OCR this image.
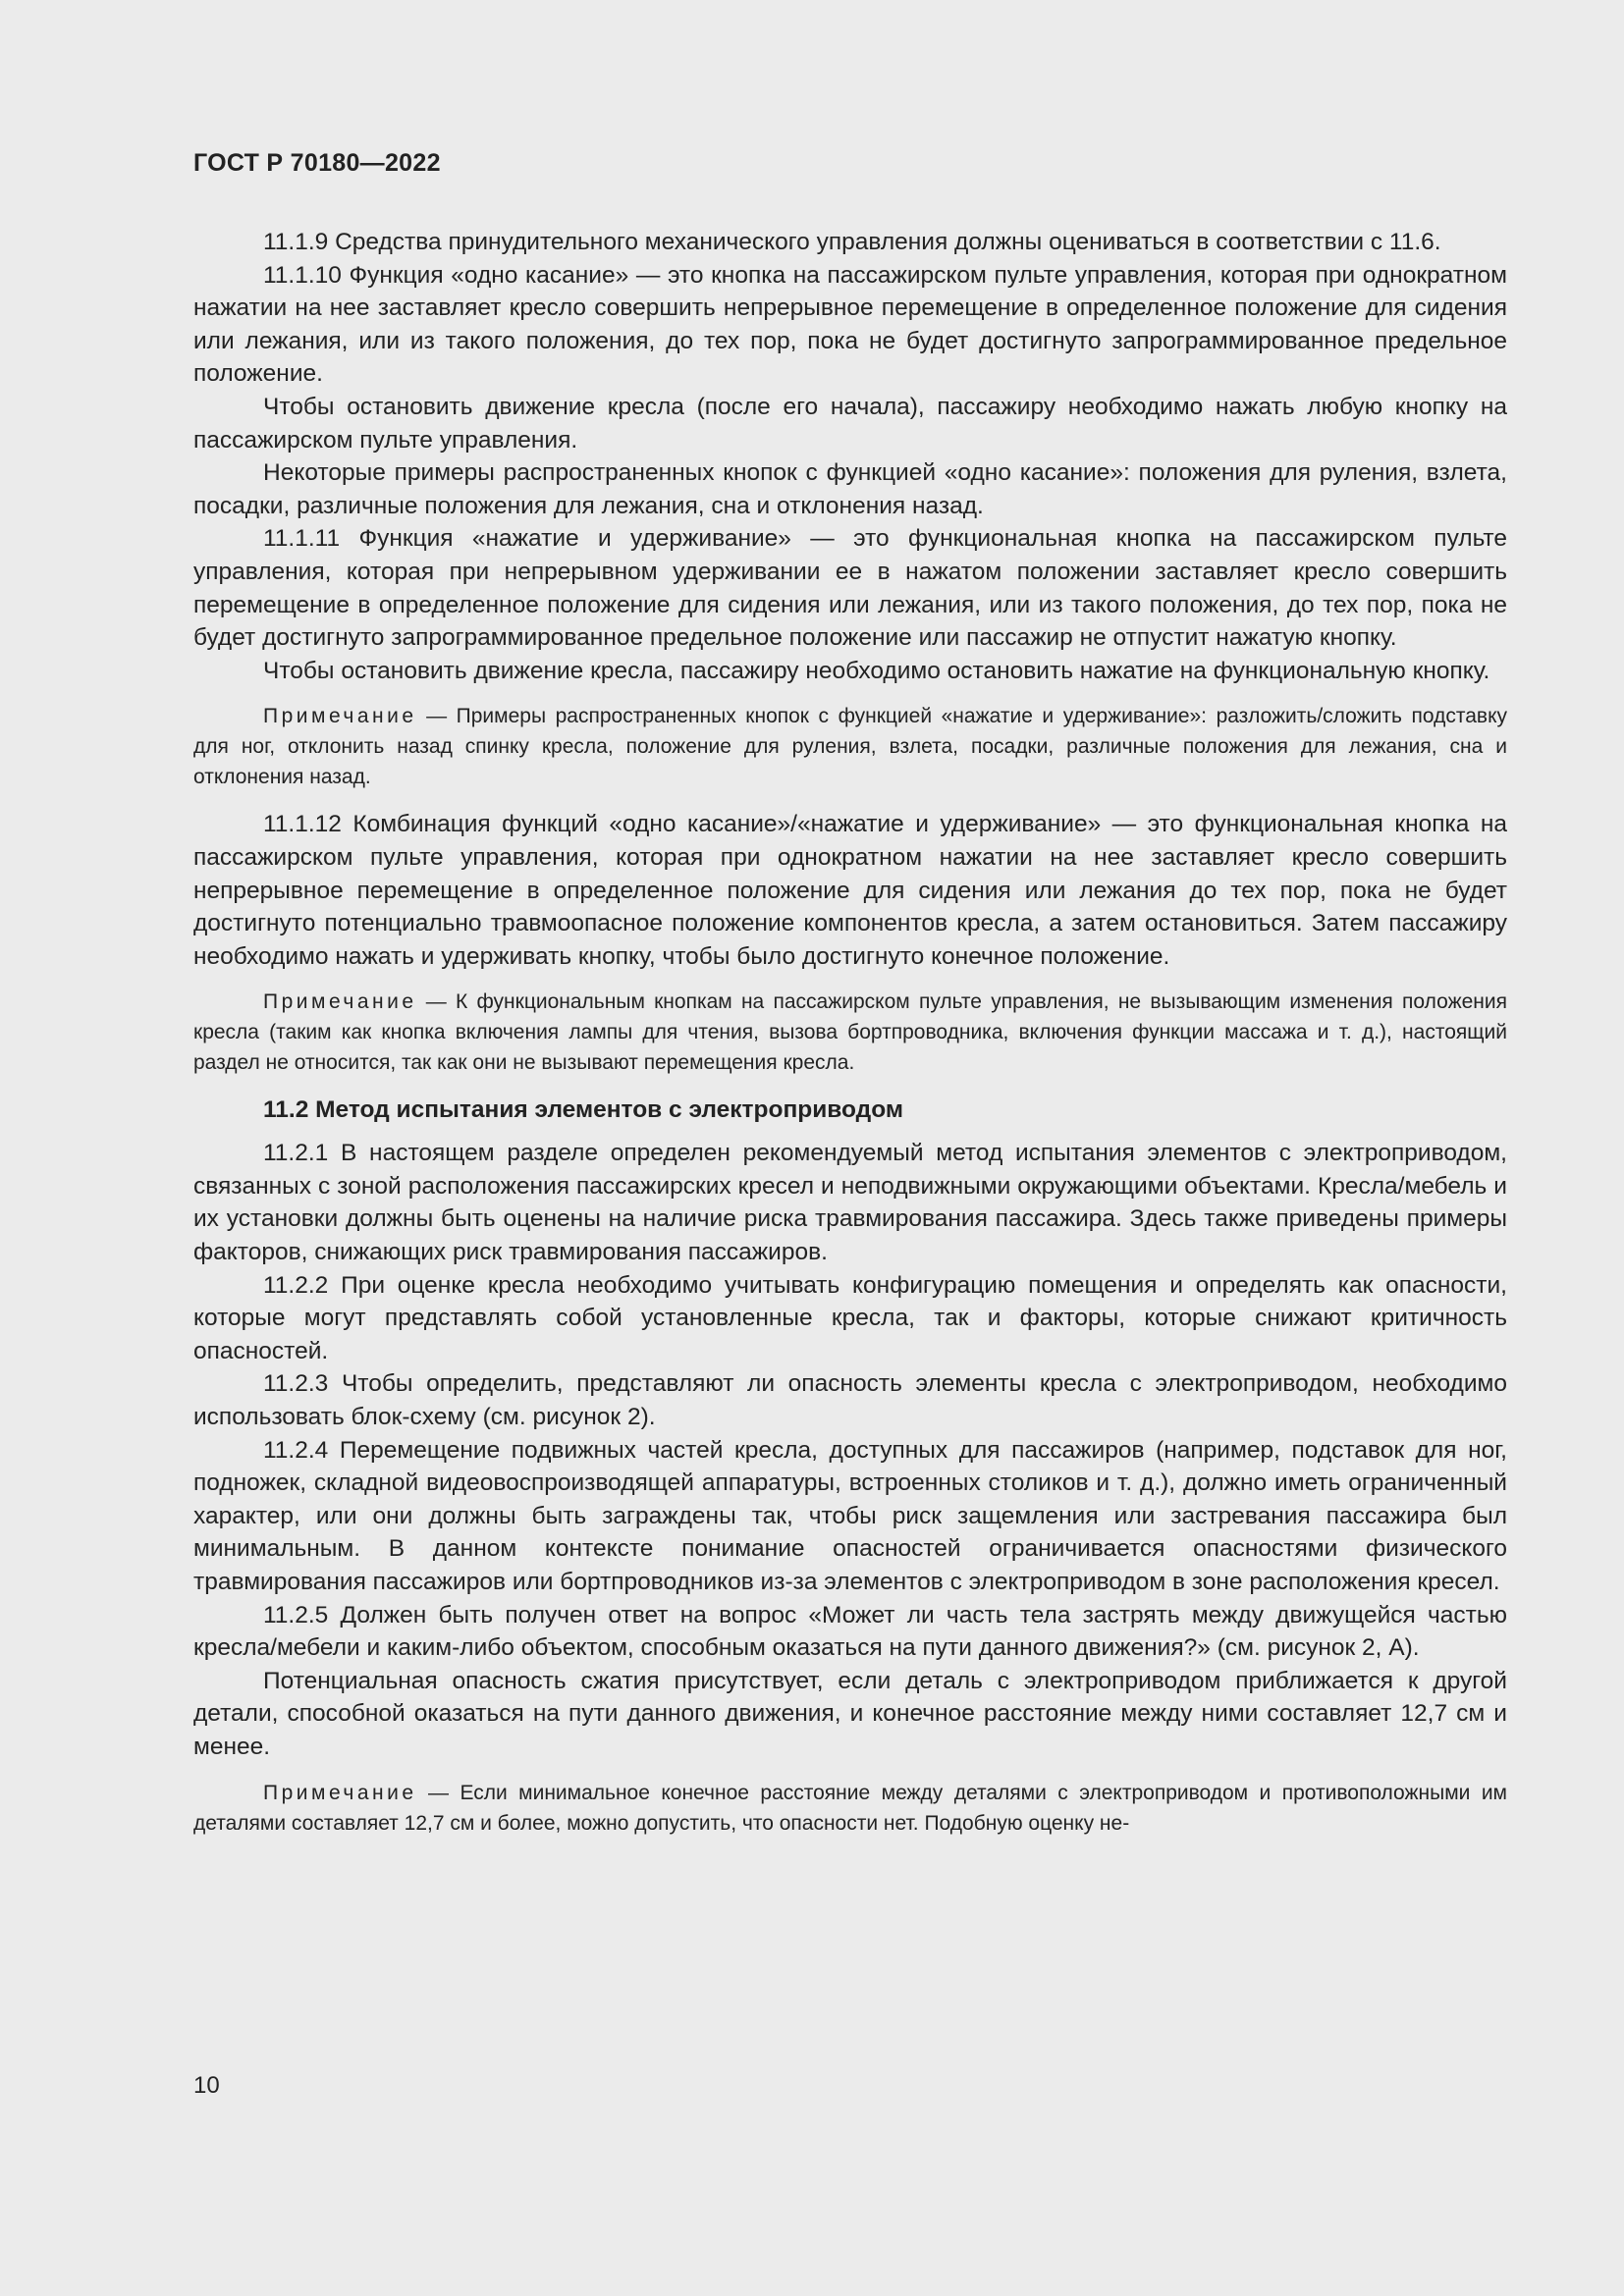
ГОСТ Р 70180—2022

11.1.9 Средства принудительного механического управления должны оцениваться в соответствии с 11.6.

11.1.10 Функция «одно касание» — это кнопка на пассажирском пульте управления, которая при однократном нажатии на нее заставляет кресло совершить непрерывное перемещение в определенное положение для сидения или лежания, или из такого положения, до тех пор, пока не будет достигнуто запрограммированное предельное положение.

Чтобы остановить движение кресла (после его начала), пассажиру необходимо нажать любую кнопку на пассажирском пульте управления.

Некоторые примеры распространенных кнопок с функцией «одно касание»: положения для руления, взлета, посадки, различные положения для лежания, сна и отклонения назад.

11.1.11 Функция «нажатие и удерживание» — это функциональная кнопка на пассажирском пульте управления, которая при непрерывном удерживании ее в нажатом положении заставляет кресло совершить перемещение в определенное положение для сидения или лежания, или из такого положения, до тех пор, пока не будет достигнуто запрограммированное предельное положение или пассажир не отпустит нажатую кнопку.

Чтобы остановить движение кресла, пассажиру необходимо остановить нажатие на функциональную кнопку.

Примечание — Примеры распространенных кнопок с функцией «нажатие и удерживание»: разложить/сложить подставку для ног, отклонить назад спинку кресла, положение для руления, взлета, посадки, различные положения для лежания, сна и отклонения назад.

11.1.12 Комбинация функций «одно касание»/«нажатие и удерживание» — это функциональная кнопка на пассажирском пульте управления, которая при однократном нажатии на нее заставляет кресло совершить непрерывное перемещение в определенное положение для сидения или лежания до тех пор, пока не будет достигнуто потенциально травмоопасное положение компонентов кресла, а затем остановиться. Затем пассажиру необходимо нажать и удерживать кнопку, чтобы было достигнуто конечное положение.

Примечание — К функциональным кнопкам на пассажирском пульте управления, не вызывающим изменения положения кресла (таким как кнопка включения лампы для чтения, вызова бортпроводника, включения функции массажа и т. д.), настоящий раздел не относится, так как они не вызывают перемещения кресла.

11.2 Метод испытания элементов с электроприводом

11.2.1 В настоящем разделе определен рекомендуемый метод испытания элементов с электроприводом, связанных с зоной расположения пассажирских кресел и неподвижными окружающими объектами. Кресла/мебель и их установки должны быть оценены на наличие риска травмирования пассажира. Здесь также приведены примеры факторов, снижающих риск травмирования пассажиров.

11.2.2 При оценке кресла необходимо учитывать конфигурацию помещения и определять как опасности, которые могут представлять собой установленные кресла, так и факторы, которые снижают критичность опасностей.

11.2.3 Чтобы определить, представляют ли опасность элементы кресла с электроприводом, необходимо использовать блок-схему (см. рисунок 2).

11.2.4 Перемещение подвижных частей кресла, доступных для пассажиров (например, подставок для ног, подножек, складной видеовоспроизводящей аппаратуры, встроенных столиков и т. д.), должно иметь ограниченный характер, или они должны быть заграждены так, чтобы риск защемления или застревания пассажира был минимальным. В данном контексте понимание опасностей ограничивается опасностями физического травмирования пассажиров или бортпроводников из-за элементов с электроприводом в зоне расположения кресел.

11.2.5 Должен быть получен ответ на вопрос «Может ли часть тела застрять между движущейся частью кресла/мебели и каким-либо объектом, способным оказаться на пути данного движения?» (см. рисунок 2, А).

Потенциальная опасность сжатия присутствует, если деталь с электроприводом приближается к другой детали, способной оказаться на пути данного движения, и конечное расстояние между ними составляет 12,7 см и менее.

Примечание — Если минимальное конечное расстояние между деталями с электроприводом и противоположными им деталями составляет 12,7 см и более, можно допустить, что опасности нет. Подобную оценку не-

10
